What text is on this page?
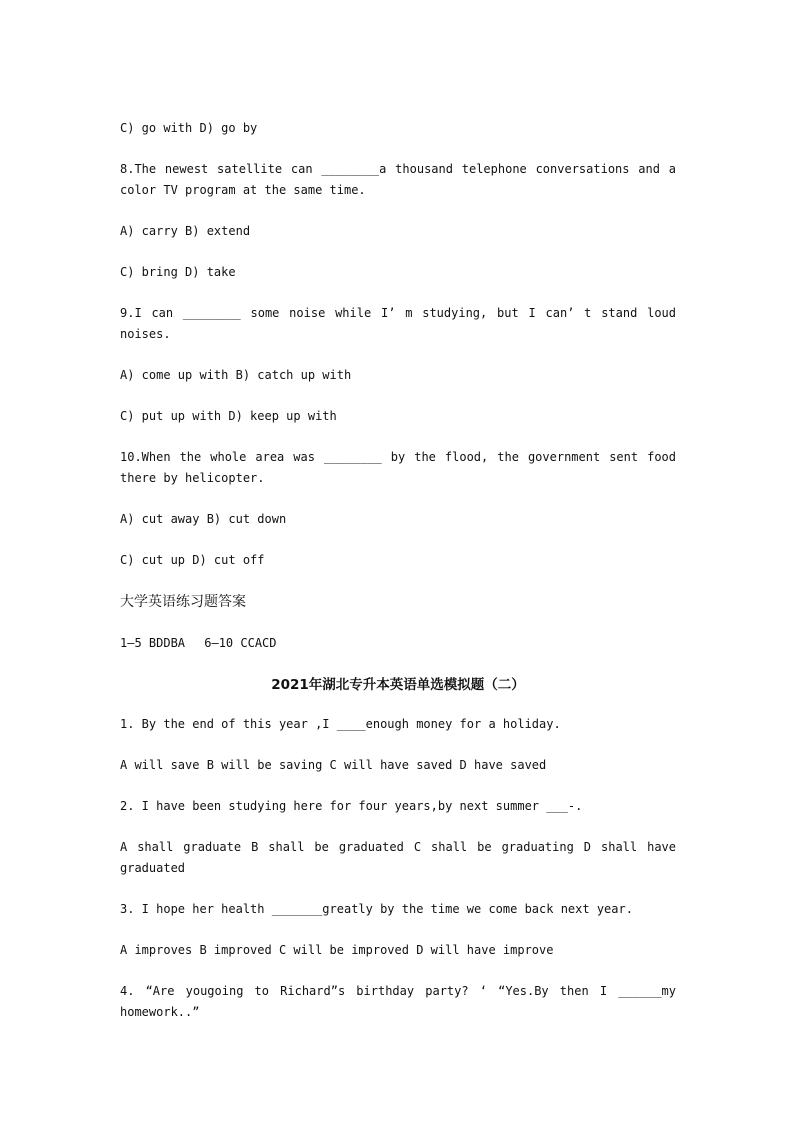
C) go with D) go by

8.The newest satellite can ________a thousand telephone conversations and a color TV program at the same time.

A) carry B) extend

C) bring D) take

9.I can ________ some noise while I’ m studying, but I can’ t stand loud noises.

A) come up with B) catch up with

C) put up with D) keep up with

10.When the whole area was ________ by the flood, the government sent food there by helicopter.

A) cut away B) cut down

C) cut up D) cut off

大学英语练习题答案

1—5 BDDBA　 6—10 CCACD

2021年湖北专升本英语单选模拟题（二）

1. By the end of this year ,I ____enough money for a holiday.

A will save B will be saving C will have saved D have saved

2. I have been studying here for four years,by next summer ___-.

A shall graduate B shall be graduated C shall be graduating D shall have graduated

3. I hope her health _______greatly by the time we come back next year.

A improves B improved C will be improved D will have improve

4. “Are yougoing to Richard”s birthday party? ‘ “Yes.By then I ______my homework..”
